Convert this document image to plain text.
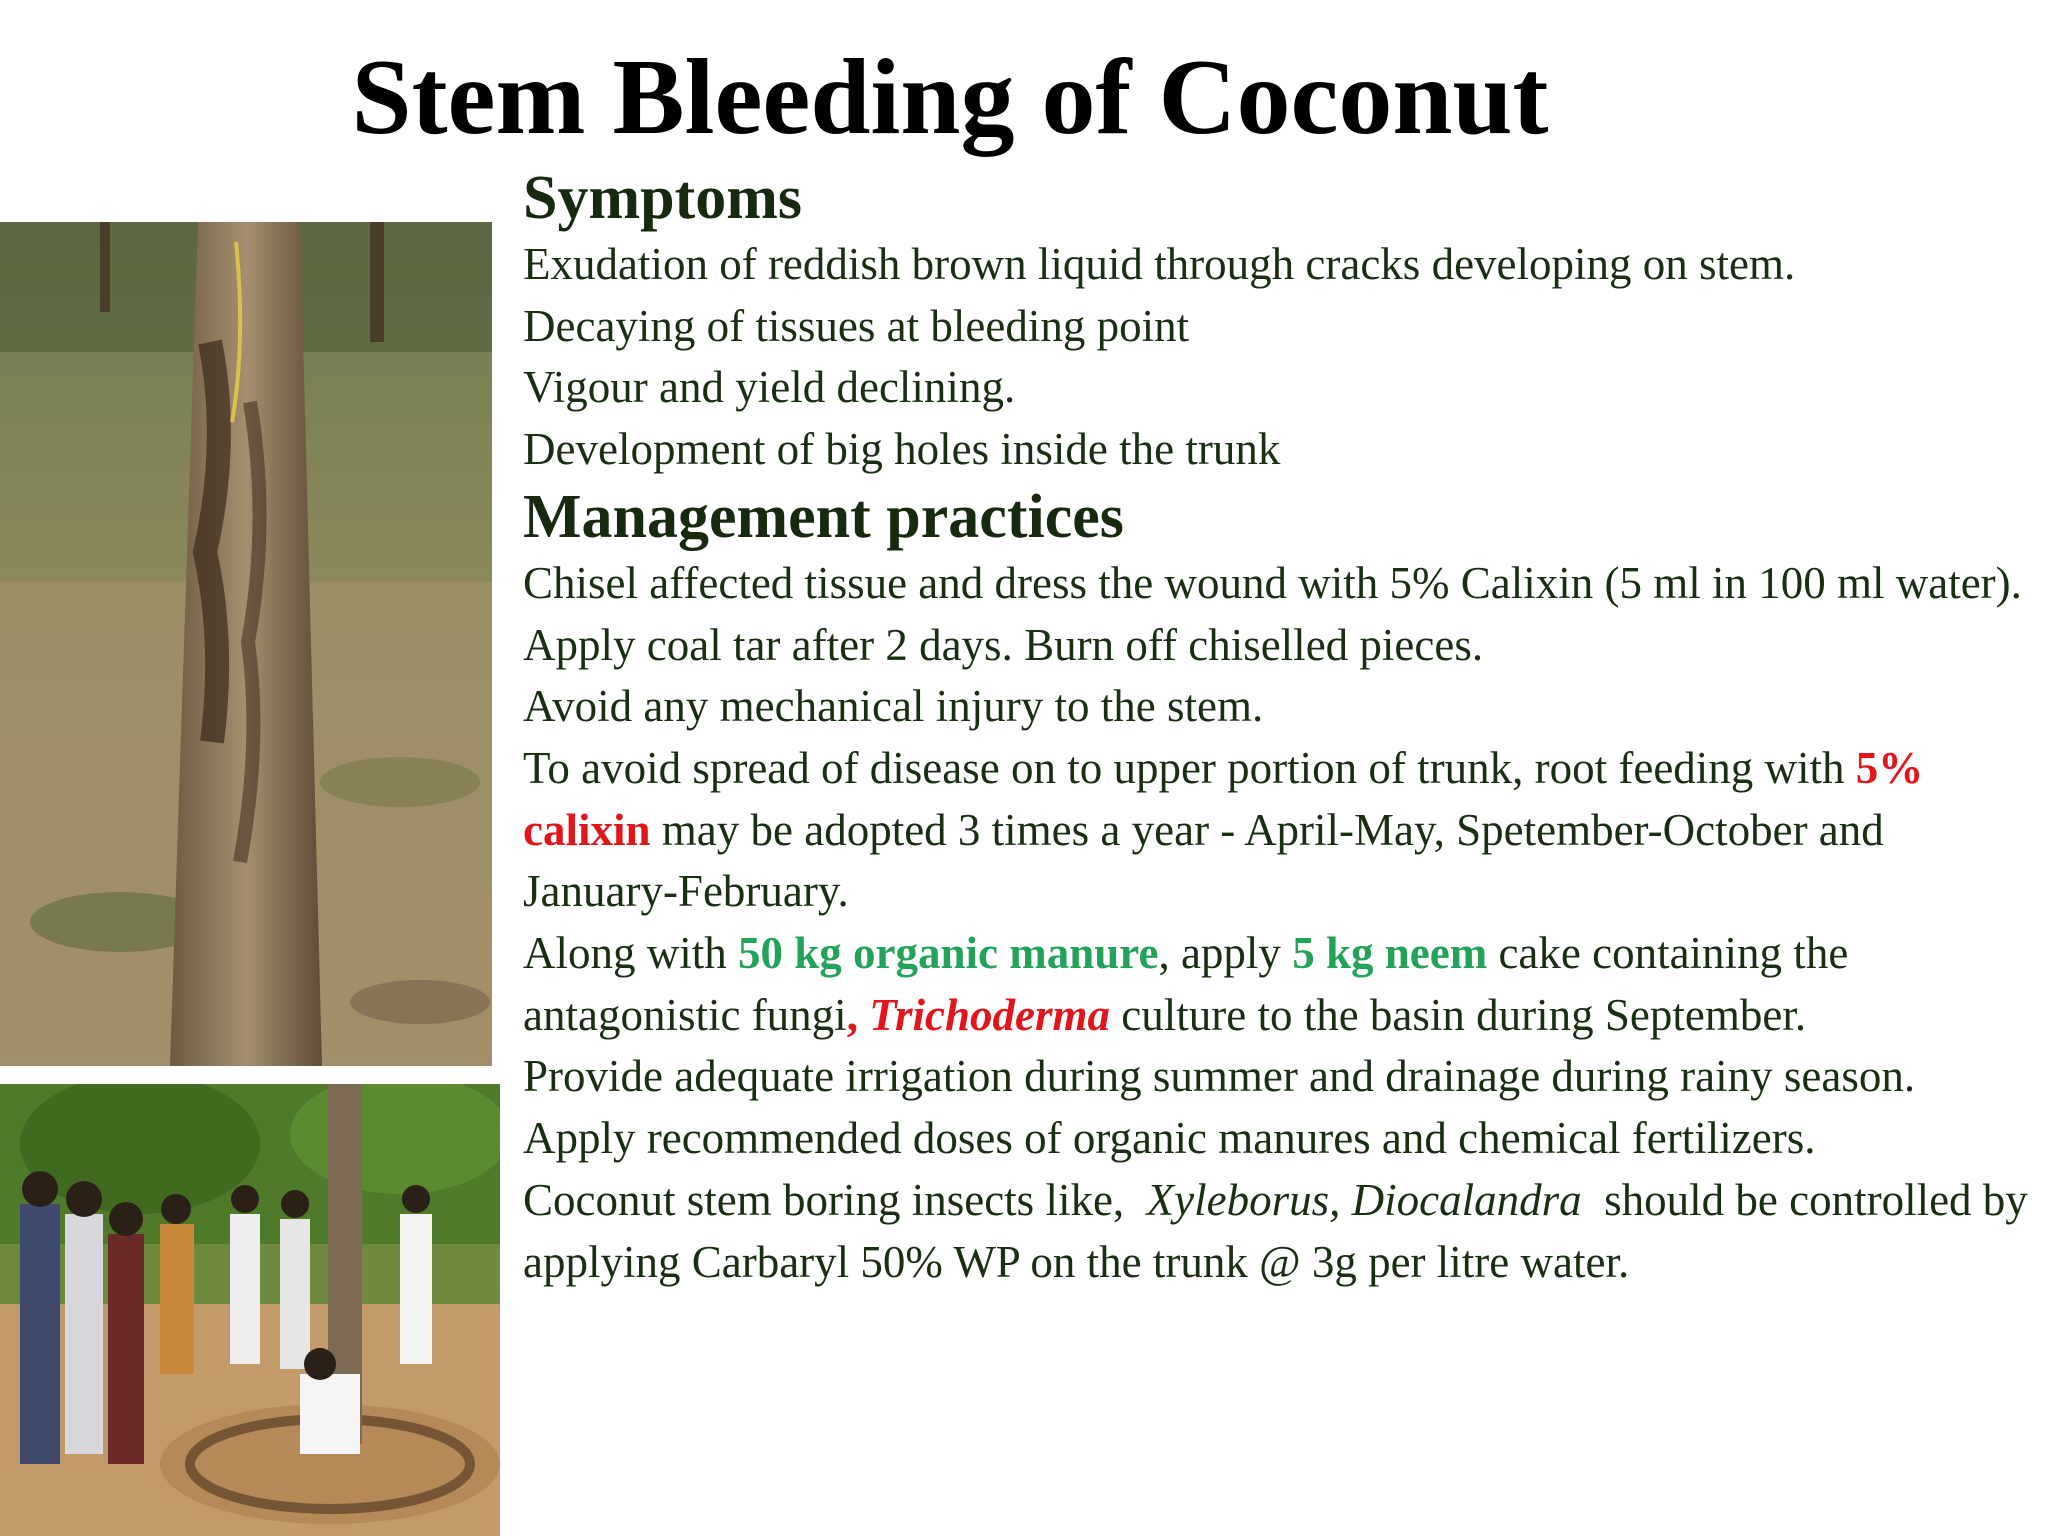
Stem Bleeding of Coconut

Symptoms

Exudation of reddish brown liquid through cracks developing on stem.

Decaying of tissues at bleeding point

Vigour and yield declining.

Development of big holes inside the trunk

Management practices

Chisel affected tissue and dress the wound with 5% Calixin (5 ml in 100 ml water).

Apply coal tar after 2 days. Burn off chiselled pieces.

Avoid any mechanical injury to the stem.

To avoid spread of disease on to upper portion of trunk, root feeding with 5% calixin may be adopted 3 times a year - April-May, Spetember-October and January-February.

Along with 50 kg organic manure, apply 5 kg neem cake containing the antagonistic fungi, Trichoderma culture to the basin during September.

Provide adequate irrigation during summer and drainage during rainy season.

Apply recommended doses of organic manures and chemical fertilizers.

Coconut stem boring insects like,  Xyleborus, Diocalandra  should be controlled by applying Carbaryl 50% WP on the trunk @ 3g per litre water.
